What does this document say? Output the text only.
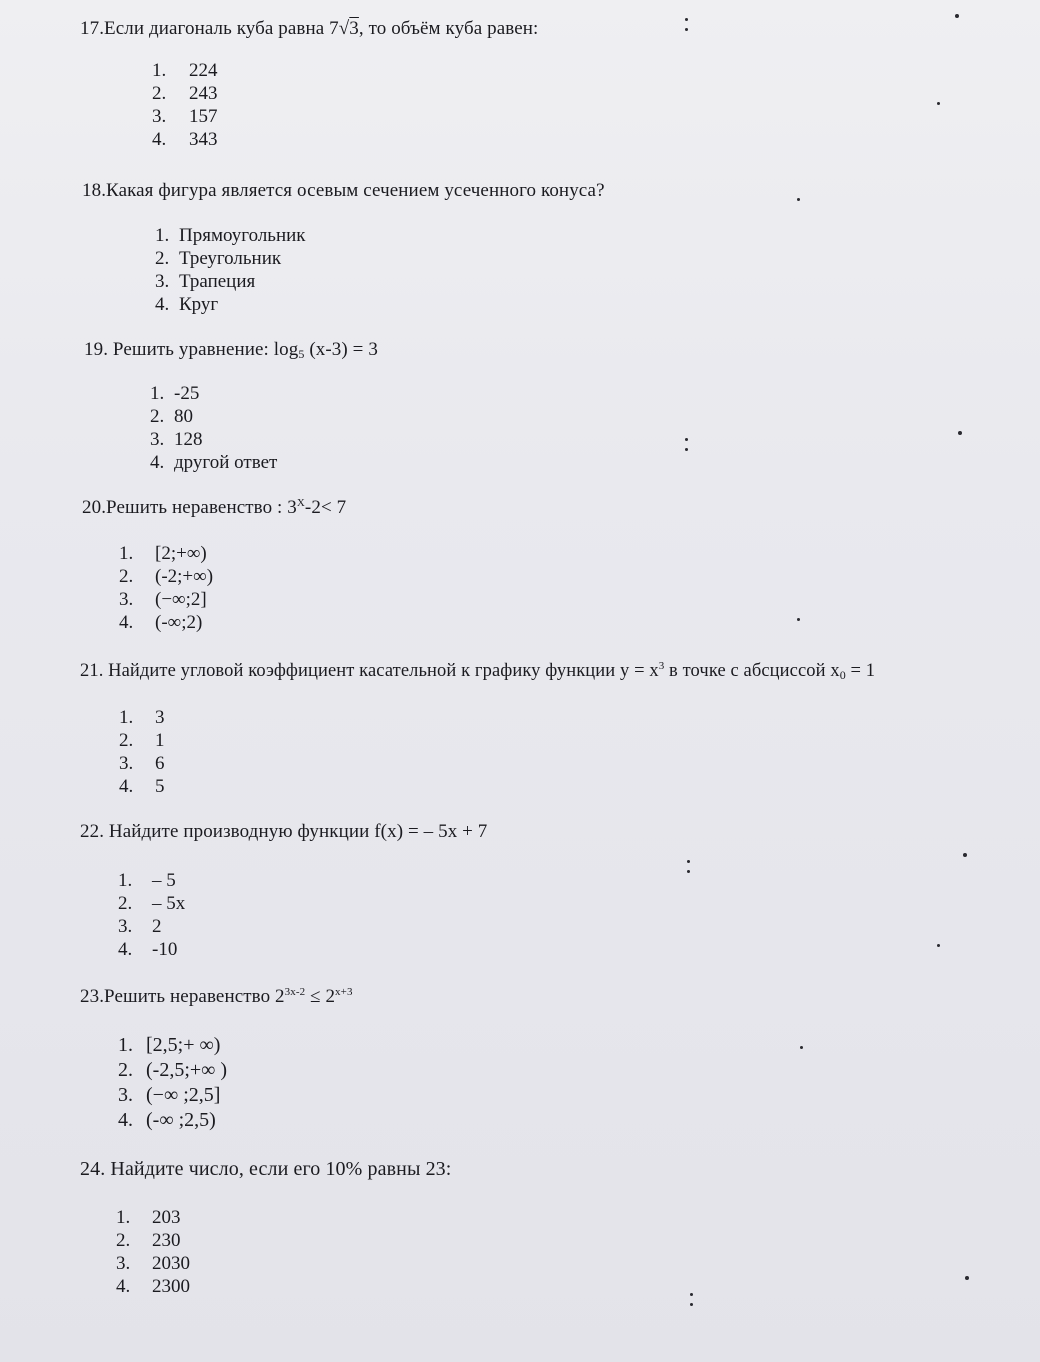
17.Если диагональ куба равна 7√3, то объём куба равен:
1. 224
2. 243
3. 157
4. 343
18.Какая фигура является осевым сечением усеченного конуса?
1. Прямоугольник
2. Треугольник
3. Трапеция
4. Круг
19. Решить уравнение: $\log_5 (x-3) = 3$
1. -25
2. 80
3. 128
4. другой ответ
20.Решить неравенство : $3^X-2< 7$
1. [2;+∞)
2. (-2;+∞)
3. (−∞;2]
4. (-∞;2)
21. Найдите угловой коэффициент касательной к графику функции $y = x^3$ в точке с абсциссой $x_0 = 1$
1. 3
2. 1
3. 6
4. 5
22. Найдите производную функции f(x) = – 5x + 7
1. – 5
2. – 5x
3. 2
4. -10
23.Решить неравенство $2^{3x-2} \le 2^{x+3}$
1. [2,5;+ ∞)
2. (-2,5;+∞ )
3. (−∞ ;2,5]
4. (-∞ ;2,5)
24. Найдите число, если его 10% равны 23:
1. 203
2. 230
3. 2030
4. 2300
